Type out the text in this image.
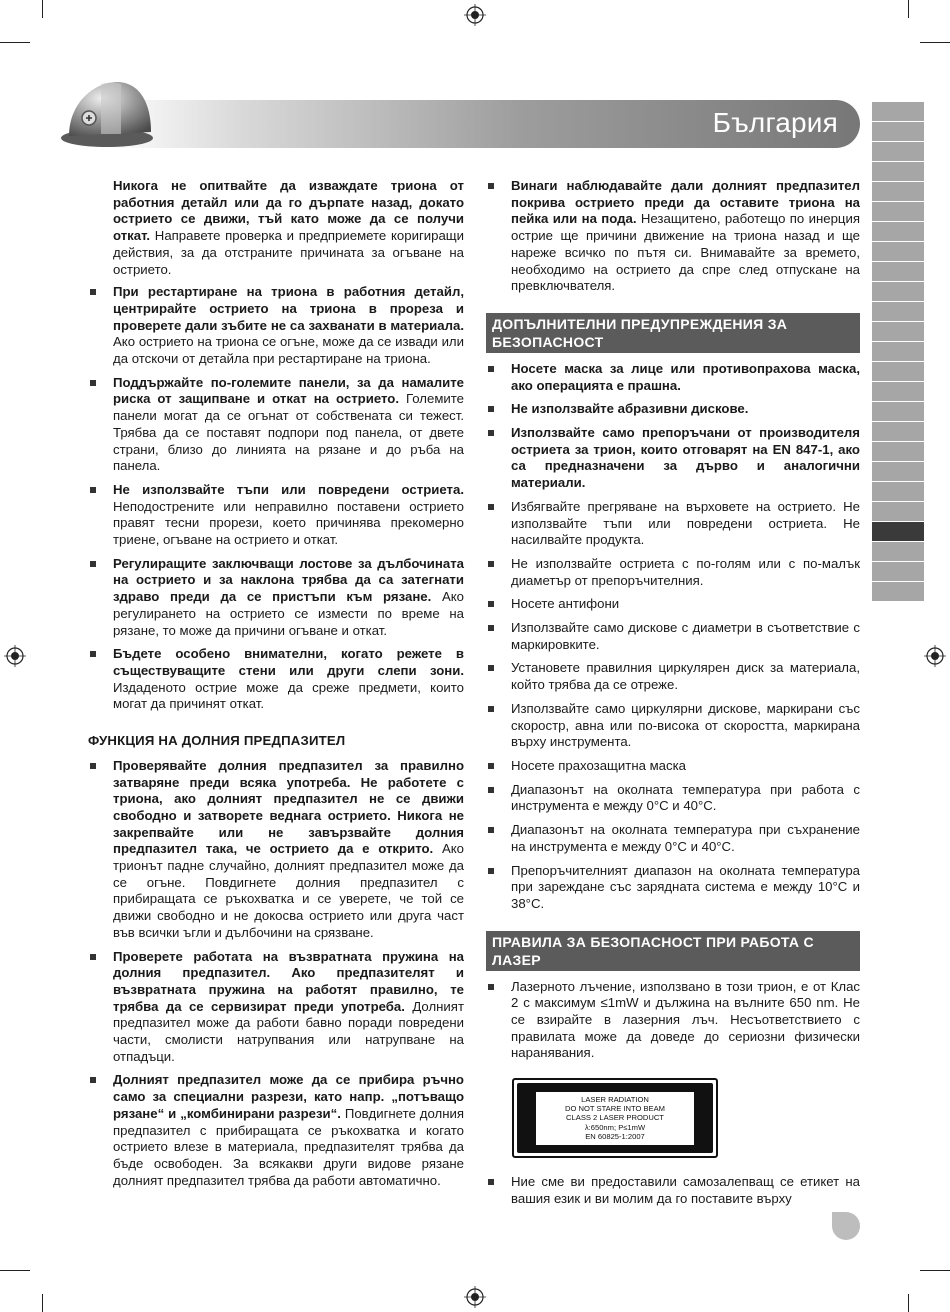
България

Никога не опитвайте да изваждате триона от работния детайл или да го дърпате назад, докато острието се движи, тъй като може да се получи откат. Направете проверка и предприемете коригиращи действия, за да отстраните причината за огъване на острието.

При рестартиране на триона в работния детайл, центрирайте острието на триона в прореза и проверете дали зъбите не са захванати в материала. Ако острието на триона се огъне, може да се извади или да отскочи от детайла при рестартиране на триона.
Поддържайте по-големите панели, за да намалите риска от защипване и откат на острието. Големите панели могат да се огънат от собствената си тежест. Трябва да се поставят подпори под панела, от двете страни, близо до линията на рязане и до ръба на панела.
Не използвайте тъпи или повредени остриета. Неподострените или неправилно поставени острието правят тесни прорези, което причинява прекомерно триене, огъване на острието и откат.
Регулиращите заключващи лостове за дълбочината на острието и за наклона трябва да са затегнати здраво преди да се пристъпи към рязане. Ако регулирането на острието се измести по време на рязане, то може да причини огъване и откат.
Бъдете особено внимателни, когато режете в съществуващите стени или други слепи зони. Издаденото острие може да среже предмети, които могат да причинят откат.
ФУНКЦИЯ НА ДОЛНИЯ ПРЕДПАЗИТЕЛ
Проверявайте долния предпазител за правилно затваряне преди всяка употреба. Не работете с триона, ако долният предпазител не се движи свободно и затворете веднага острието. Никога не закрепвайте или не завързвайте долния предпазител така, че острието да е открито. Ако трионът падне случайно, долният предпазител може да се огъне. Повдигнете долния предпазител с прибиращата се ръкохватка и се уверете, че той се движи свободно и не докосва острието или друга част във всички ъгли и дълбочини на срязване.
Проверете работата на възвратната пружина на долния предпазител. Ако предпазителят и възвратната пружина на работят правилно, те трябва да се сервизират преди употреба. Долният предпазител може да работи бавно поради повредени части, смолисти натрупвания или натрупване на отпадъци.
Долният предпазител може да се прибира ръчно само за специални разрези, като напр. „потъващо рязане“ и „комбинирани разрези“. Повдигнете долния предпазител с прибиращата се ръкохватка и когато острието влезе в материала, предпазителят трябва да бъде освободен. За всякакви други видове рязане долният предпазител трябва да работи автоматично.
Винаги наблюдавайте дали долният предпазител покрива острието преди да оставите триона на пейка или на пода. Незащитено, работещо по инерция острие ще причини движение на триона назад и ще нареже всичко по пътя си. Внимавайте за времето, необходимо на острието да спре след отпускане на превключвателя.
ДОПЪЛНИТЕЛНИ ПРЕДУПРЕЖДЕНИЯ ЗА БЕЗОПАСНОСТ
Носете маска за лице или противопрахова маска, ако операцията е прашна.
Не използвайте абразивни дискове.
Използвайте само препоръчани от производителя остриета за трион, които отговарят на EN 847-1, ако са предназначени за дърво и аналогични материали.
Избягвайте прегряване на върховете на острието. Не използвайте тъпи или повредени остриета. Не насилвайте продукта.
Не използвайте остриета с по-голям или с по-малък диаметър от препоръчителния.
Носете антифони
Използвайте само дискове с диаметри в съответствие с маркировките.
Установете правилния циркулярен диск за материала, който трябва да се отреже.
Използвайте само циркулярни дискове, маркирани със скоростр, авна или по-висока от скоростта, маркирана върху инструмента.
Носете прахозащитна маска
Диапазонът на околната температура при работа с инструмента е между 0°C и 40°C.
Диапазонът на околната температура при съхранение на инструмента е между 0°C и 40°C.
Препоръчителният диапазон на околната температура при зареждане със зарядната система е между 10°C и 38°C.
ПРАВИЛА ЗА БЕЗОПАСНОСТ ПРИ РАБОТА С ЛАЗЕР
Лазерното лъчение, използвано в този трион, е от Клас 2 с максимум ≤1mW и дължина на вълните 650 nm. Не се взирайте в лазерния лъч. Несъответствието с правилата може да доведе до сериозни физически наранявания.
LASER RADIATION
DO NOT STARE INTO BEAM
CLASS 2 LASER PRODUCT
λ:650nm; P≤1mW
EN 60825-1:2007
Ние сме ви предоставили самозалепващ се етикет на вашия език и ви молим да го поставите върху
